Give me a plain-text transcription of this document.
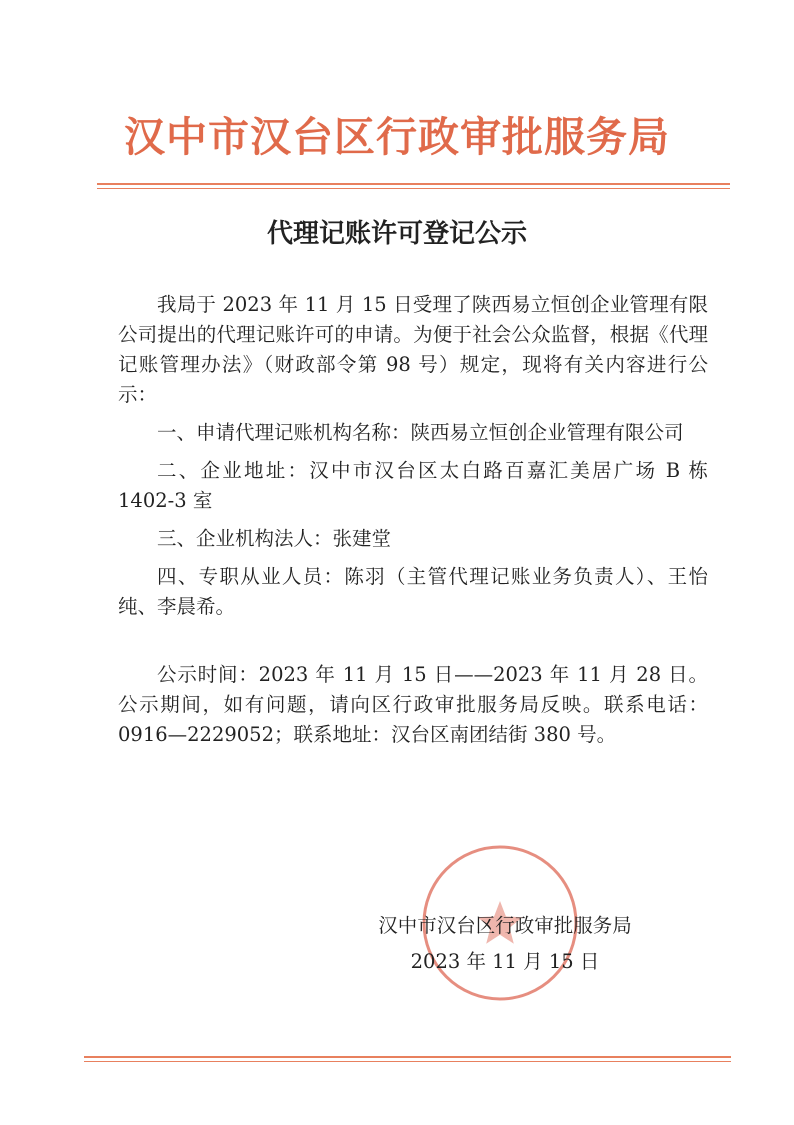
汉中市汉台区行政审批服务局
代理记账许可登记公示

我局于 2023 年 11 月 15 日受理了陕西易立恒创企业管理有限公司提出的代理记账许可的申请。为便于社会公众监督，根据《代理记账管理办法》（财政部令第 98 号）规定，现将有关内容进行公示：

一、申请代理记账机构名称：陕西易立恒创企业管理有限公司

二、企业地址：汉中市汉台区太白路百嘉汇美居广场 B 栋 1402-3 室

三、企业机构法人：张建堂

四、专职从业人员：陈羽（主管代理记账业务负责人）、王怡纯、李晨希。

公示时间：2023 年 11 月 15 日——2023 年 11 月 28 日。公示期间，如有问题，请向区行政审批服务局反映。联系电话：0916—2229052；联系地址：汉台区南团结街 380 号。

汉中市汉台区行政审批服务局
2023 年 11 月 15 日
